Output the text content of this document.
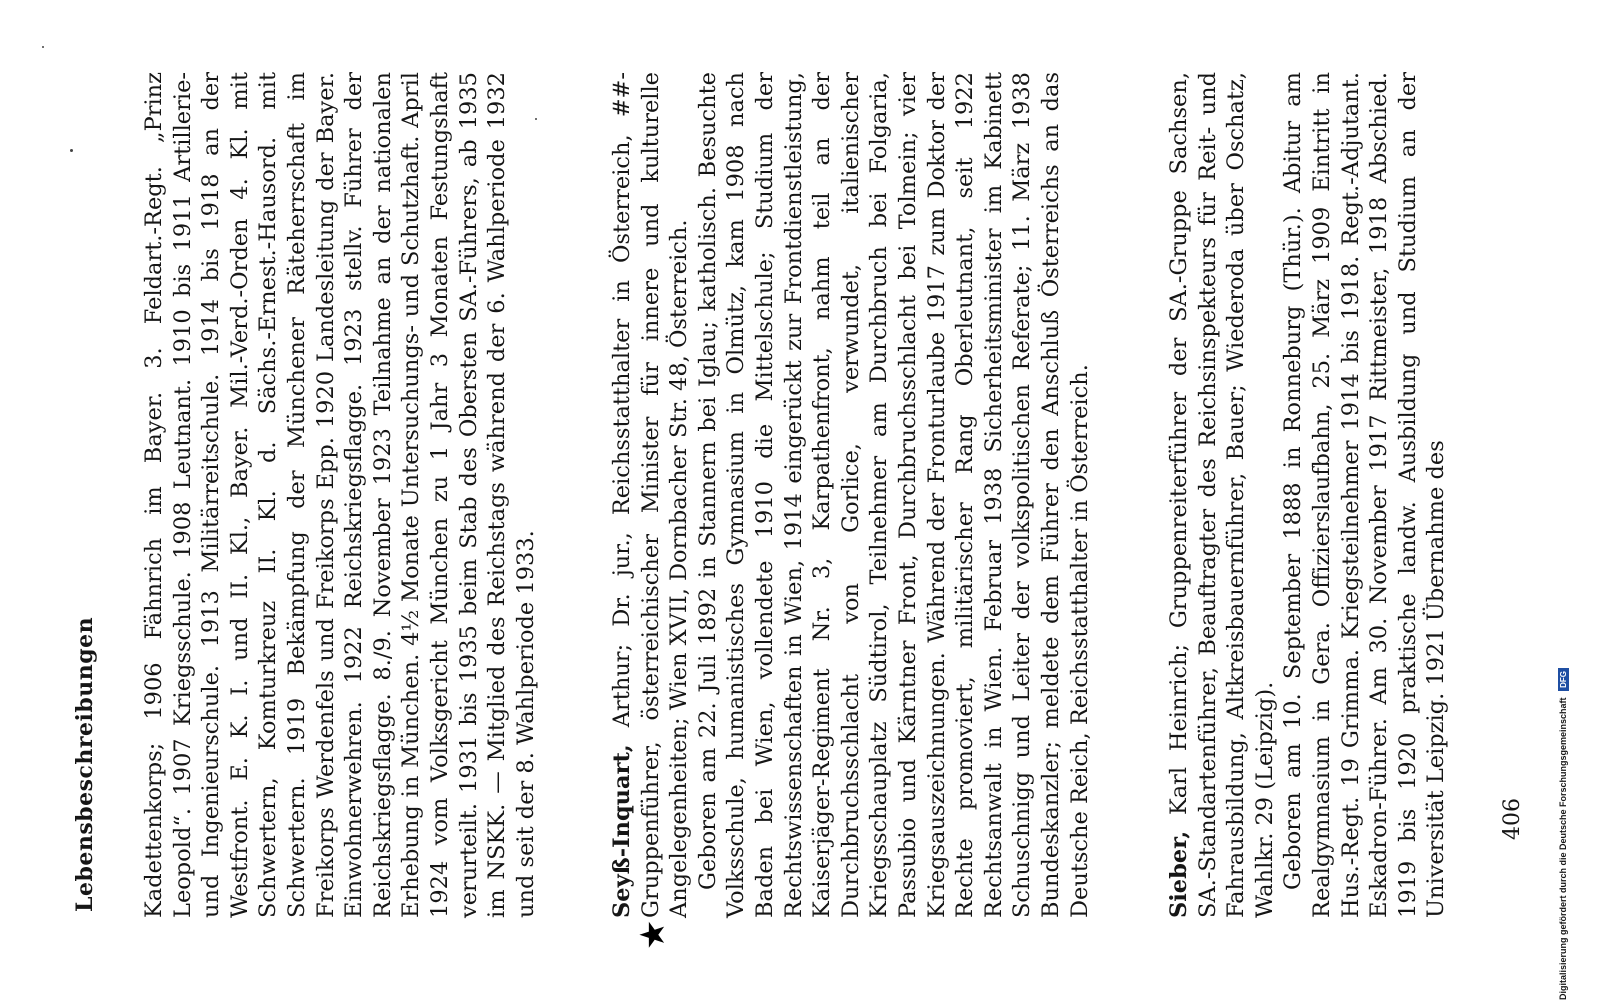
Lebensbeschreibungen Kadettenkorps; 1906 Fähnrich im Bayer. 3. Feldart.-Regt. „Prinz Leopold“. 1907 Kriegsschule. 1908 Leutnant. 1910 bis 1911 Artillerie- und Ingenieurschule. 1913 Militärreitschule. 1914 bis 1918 an der Westfront. E. K. I. und II. Kl., Bayer. Mil.-Verd.-Orden 4. Kl. mit Schwertern, Komturkreuz II. Kl. d. Sächs.-Ernest.-Hausord. mit Schwertern. 1919 Bekämpfung der Münchener Räteherrschaft im Freikorps Werdenfels und Freikorps Epp. 1920 Landesleitung der Bayer. Einwohnerwehren. 1922 Reichskriegsflagge. 1923 stellv. Führer der Reichskriegsflagge. 8./9. November 1923 Teilnahme an der nationalen Erhebung in München. 4½ Monate Untersuchungs- und Schutzhaft. April 1924 vom Volksgericht München zu 1 Jahr 3 Monaten Festungshaft verurteilt. 1931 bis 1935 beim Stab des Obersten SA.-Führers, ab 1935 im NSKK. — Mitglied des Reichstags während der 6. Wahlperiode 1932 und seit der 8. Wahlperiode 1933.

★

Seyß-Inquart, Arthur; Dr. jur., Reichsstatthalter in Österreich, ##-Gruppenführer, österreichischer Minister für innere und kulturelle Angelegenheiten; Wien XVII, Dornbacher Str. 48, Österreich. Geboren am 22. Juli 1892 in Stannern bei Iglau; katholisch. Besuchte Volksschule, humanistisches Gymnasium in Olmütz, kam 1908 nach Baden bei Wien, vollendete 1910 die Mittelschule; Studium der Rechtswissenschaften in Wien, 1914 eingerückt zur Frontdienstleistung, Kaiserjäger-Regiment Nr. 3, Karpathenfront, nahm teil an der Durchbruchsschlacht von Gorlice, verwundet, italienischer Kriegsschauplatz Südtirol, Teilnehmer am Durchbruch bei Folgaria, Passubio und Kärntner Front, Durchbruchsschlacht bei Tolmein; vier Kriegsauszeichnungen. Während der Fronturlaube 1917 zum Doktor der Rechte promoviert, militärischer Rang Oberleutnant, seit 1922 Rechtsanwalt in Wien. Februar 1938 Sicherheitsminister im Kabinett Schuschnigg und Leiter der volkspolitischen Referate; 11. März 1938 Bundeskanzler; meldete dem Führer den Anschluß Österreichs an das Deutsche Reich, Reichsstatthalter in Österreich.	Sieber, Karl Heinrich; Gruppenreiterführer der SA.-Gruppe Sachsen, SA.-Standartenführer, Beauftragter des Reichsinspekteurs für Reit- und Fahrausbildung, Altkreisbauernführer, Bauer; Wiederoda über Oschatz, Wahlkr. 29 (Leipzig). Geboren am 10. September 1888 in Ronneburg (Thür.). Abitur am Realgymnasium in Gera. Offizierslaufbahn, 25. März 1909 Eintritt in Hus.-Regt. 19 Grimma. Kriegsteilnehmer 1914 bis 1918. Regt.-Adjutant. Eskadron-Führer. Am 30. November 1917 Rittmeister, 1918 Abschied. 1919 bis 1920 praktische landw. Ausbildung und Studium an der Universität Leipzig. 1921 Übernahme des 406	Digitalisierung gefördert durch die Deutsche Forschungsgemeinschaft DFG
